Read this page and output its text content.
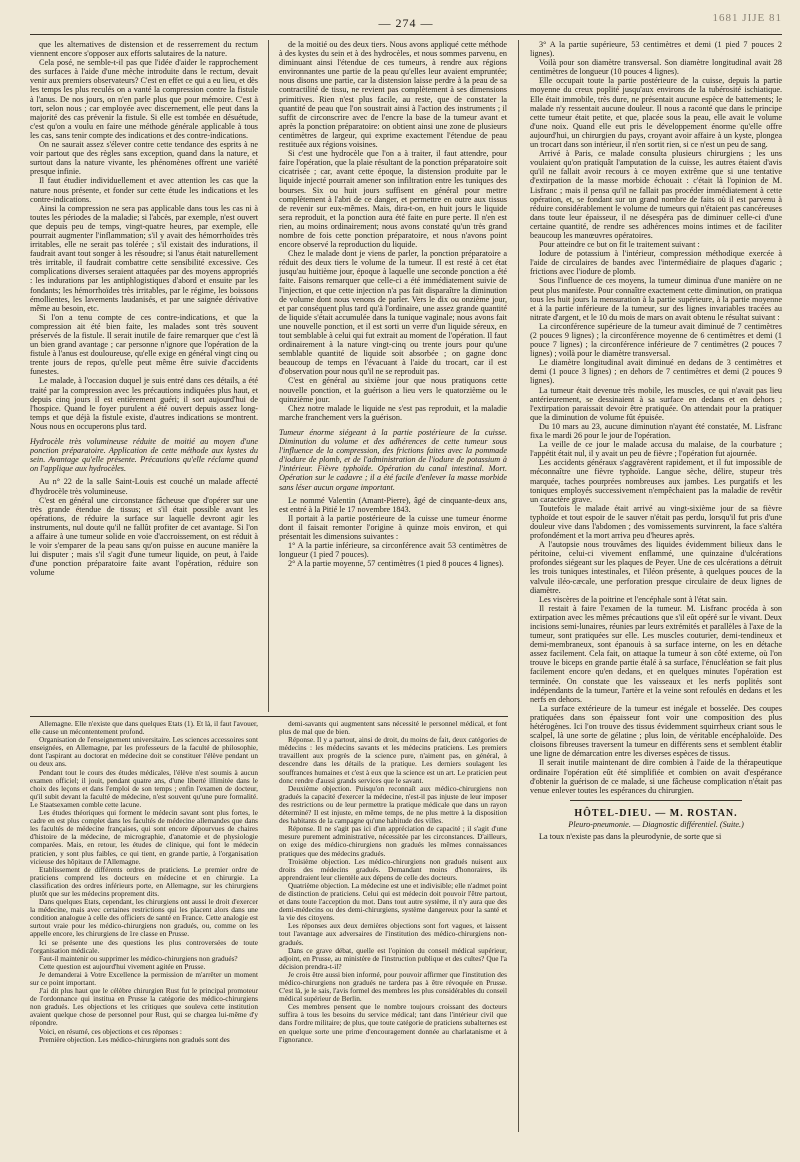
— 274 —	1681 JIJE 81

que les alternatives de distension et de resserrement du rectum viennent encore s'opposer aux efforts salutaires de la nature.

Cela posé, ne semble-t-il pas que l'idée d'aider le rapprochement des surfaces à l'aide d'une mèche introduite dans le rectum, devait venir aux premiers observateurs? C'est en effet ce qui a eu lieu, et dès les temps les plus reculés on a vanté la compression contre la fistule à l'anus. De nos jours, on n'en parle plus que pour mémoire. C'est à tort, selon nous ; car employée avec discernement, elle peut dans la majorité des cas prévenir la fistule. Si elle est tombée en désuétude, c'est qu'on a voulu en faire une méthode générale applicable à tous les cas, sans tenir compte des indications et des contre-indications.

On ne saurait assez s'élever contre cette tendance des esprits à ne voir partout que des règles sans exception, quand dans la nature, et surtout dans la nature vivante, les phénomènes offrent une variété presque infinie.

Il faut étudier individuellement et avec attention les cas que la nature nous présente, et fonder sur cette étude les indications et les contre-indications.

Ainsi la compression ne sera pas applicable dans tous les cas ni à toutes les périodes de la maladie; si l'abcès, par exemple, n'est ouvert que depuis peu de temps, vingt-quatre heures, par exemple, elle pourrait augmenter l'inflammation; s'il y avait des hémorrhoïdes très irritables, elle ne serait pas tolérée ; s'il existait des indurations, il faudrait avant tout songer à les résoudre; si l'anus était naturellement très irritable, il faudrait combattre cette sensibilité excessive. Ces complications diverses seraient attaquées par des moyens appropriés : les indurations par les antiphlogistiques d'abord et ensuite par les fondants; les hémorrhoïdes très irritables, par le régime, les boissons émollientes, les lavements laudanisés, et par une saignée dérivative même au besoin, etc.

Si l'on a tenu compte de ces contre-indications, et que la compression ait été bien faite, les malades sont très souvent préservés de la fistule. Il serait inutile de faire remarquer que c'est là un bien grand avantage ; car personne n'ignore que l'opération de la fistule à l'anus est douloureuse, qu'elle exige en général vingt cinq ou trente jours de repos, qu'elle peut même être suivie d'accidents funestes.

Le malade, à l'occasion duquel je suis entré dans ces détails, a été traité par la compression avec les précautions indiquées plus haut, et depuis cinq jours il est entièrement guéri; il sort aujourd'hui de l'hospice. Quand le foyer purulent a été ouvert depuis assez long-temps et que déjà la fistule existe, d'autres indications se montrent. Nous nous en occuperons plus tard.

Hydrocèle très volumineuse réduite de moitié au moyen d'une ponction préparatoire. Application de cette méthode aux kystes du sein. Avantage qu'elle présente. Précautions qu'elle réclame quand on l'applique aux hydrocèles.

Au n° 22 de la salle Saint-Louis est couché un malade affecté d'hydrocèle très volumineuse.

C'est en général une circonstance fâcheuse que d'opérer sur une très grande étendue de tissus; et s'il était possible avant les opérations, de réduire la surface sur laquelle devront agir les instruments, nul doute qu'il ne fallût profiter de cet avantage. Si l'on a affaire à une tumeur solide en voie d'accroissement, on est réduit à le voir s'emparer de la peau sans qu'on puisse en aucune manière la lui disputer ; mais s'il s'agit d'une tumeur liquide, on peut, à l'aide d'une ponction préparatoire faite avant l'opération, réduire son volume

de la moitié ou des deux tiers. Nous avons appliqué cette méthode à des kystes du sein et à des hydrocèles, et nous sommes parvenu, en diminuant ainsi l'étendue de ces tumeurs, à rendre aux régions environnantes une partie de la peau qu'elles leur avaient empruntée; nous disons une partie, car la distension laisse perdre à la peau de sa contractilité de tissu, ne revient pas complètement à ses dimensions primitives. Rien n'est plus facile, au reste, que de constater la quantité de peau que l'on soustrait ainsi à l'action des instruments ; il suffit de circonscrire avec de l'encre la base de la tumeur avant et après la ponction préparatoire: on obtient ainsi une zone de plusieurs centimètres de largeur, qui exprime exactement l'étendue de peau restituée aux régions voisines.

Si c'est une hydrocèle que l'on a à traiter, il faut attendre, pour faire l'opération, que la plaie résultant de la ponction préparatoire soit cicatrisée ; car, avant cette époque, la distension produite par le liquide injecté pourrait amener son infiltration entre les tuniques des bourses. Six ou huit jours suffisent en général pour mettre complètement à l'abri de ce danger, et permettre en outre aux tissus de revenir sur eux-mêmes. Mais, dira-t-on, en huit jours le liquide sera reproduit, et la ponction aura été faite en pure perte. Il n'en est rien, au moins ordinairement; nous avons constaté qu'un très grand nombre de fois cette ponction préparatoire, et nous n'avons point encore observé la reproduction du liquide.

Chez le malade dont je viens de parler, la ponction préparatoire a réduit des deux tiers le volume de la tumeur. Il est resté à cet état jusqu'au huitième jour, époque à laquelle une seconde ponction a été faite. Faisons remarquer que celle-ci a été immédiatement suivie de l'injection, et que cette injection n'a pas fait disparaître la diminution de volume dont nous venons de parler. Vers le dix ou onzième jour, et par conséquent plus tard qu'à l'ordinaire, une assez grande quantité de liquide s'était accumulée dans la tunique vaginale; nous avons fait une nouvelle ponction, et il est sorti un verre d'un liquide séreux, en tout semblable à celui qui fut extrait au moment de l'opération. Il faut ordinairement à la nature vingt-cinq ou trente jours pour qu'une semblable quantité de liquide soit absorbée ; on gagne donc beaucoup de temps en l'évacuant à l'aide du trocart, car il est d'observation pour nous qu'il ne se reproduit pas.

C'est en général au sixième jour que nous pratiquons cette nouvelle ponction, et la guérison a lieu vers le quatorzième ou le quinzième jour.

Chez notre malade le liquide ne s'est pas reproduit, et la maladie marche franchement vers la guérison.

Tumeur énorme siégeant à la partie postérieure de la cuisse. Diminution du volume et des adhérences de cette tumeur sous l'influence de la compression, des frictions faites avec la pommade d'iodure de plomb, et de l'administration de l'iodure de potassium à l'intérieur. Fièvre typhoïde. Opération du canal intestinal. Mort. Opération sur le cadavre ; il a été facile d'enlever la masse morbide sans léser aucun organe important.

Le nommé Valentin (Amant-Pierre), âgé de cinquante-deux ans, est entré à la Pitié le 17 novembre 1843.

Il portait à la partie postérieure de la cuisse une tumeur énorme dont il faisait remonter l'origine à quinze mois environ, et qui présentait les dimensions suivantes :

1° A la partie inférieure, sa circonférence avait 53 centimètres de longueur (1 pied 7 pouces).

2° A la partie moyenne, 57 centimètres (1 pied 8 pouces 4 lignes).

3° A la partie supérieure, 53 centimètres et demi (1 pied 7 pouces 2 lignes).

Voilà pour son diamètre transversal. Son diamètre longitudinal avait 28 centimètres de longueur (10 pouces 4 lignes).

Elle occupait toute la partie postérieure de la cuisse, depuis la partie moyenne du creux poplité jusqu'aux environs de la tubérosité ischiatique. Elle était immobile, très dure, ne présentait aucune espèce de battements; le malade n'y ressentait aucune douleur. Il nous a raconté que dans le principe cette tumeur était petite, et que, placée sous la peau, elle avait le volume d'une noix. Quand elle eut pris le développement énorme qu'elle offre aujourd'hui, un chirurgien du pays, croyant avoir affaire à un kyste, plongea un trocart dans son intérieur, il n'en sortit rien, si ce n'est un peu de sang.

Arrivé à Paris, ce malade consulta plusieurs chirurgiens ; les uns voulaient qu'on pratiquât l'amputation de la cuisse, les autres étaient d'avis qu'il ne fallait avoir recours à ce moyen extrême que si une tentative d'extirpation de la masse morbide échouait : c'était là l'opinion de M. Lisfranc ; mais il pensa qu'il ne fallait pas procéder immédiatement à cette opération, et, se fondant sur un grand nombre de faits où il est parvenu à réduire considérablement le volume de tumeurs qui n'étaient pas cancéreuses dans toute leur épaisseur, il ne désespéra pas de diminuer celle-ci d'une certaine quantité, de rendre ses adhérences moins intimes et de faciliter beaucoup les manœuvres opératoires.

Pour atteindre ce but on fit le traitement suivant :

Iodure de potassium à l'intérieur, compression méthodique exercée à l'aide de circulaires de bandes avec l'intermédiaire de plaques d'agaric ; frictions avec l'iodure de plomb.

Sous l'influence de ces moyens, la tumeur diminua d'une manière on ne peut plus manifeste. Pour connaître exactement cette diminution, on pratiqua tous les huit jours la mensuration à la partie supérieure, à la partie moyenne et à la partie inférieure de la tumeur, sur des lignes invariables tracées au nitrate d'argent, et le 10 du mois de mars on avait obtenu le résultat suivant :

La circonférence supérieure de la tumeur avait diminué de 7 centimètres (2 pouces 9 lignes) ; la circonférence moyenne de 6 centimètres et demi (1 pouce 7 lignes) ; la circonférence inférieure de 7 centimètres (2 pouces 7 lignes) ; voilà pour le diamètre transversal.

Le diamètre longitudinal avait diminué en dedans de 3 centimètres et demi (1 pouce 3 lignes) ; en dehors de 7 centimètres et demi (2 pouces 9 lignes).

La tumeur était devenue très mobile, les muscles, ce qui n'avait pas lieu antérieurement, se dessinaient à sa surface en dedans et en dehors ; l'extirpation paraissait devoir être pratiquée. On attendait pour la pratiquer que la diminution de volume fût épuisée.

Du 10 mars au 23, aucune diminution n'ayant été constatée, M. Lisfranc fixa le mardi 26 pour le jour de l'opération.

La veille de ce jour le malade accusa du malaise, de la courbature ; l'appétit était nul, il y avait un peu de fièvre ; l'opération fut ajournée.

Les accidents généraux s'aggravèrent rapidement, et il fut impossible de méconnaître une fièvre typhoïde. Langue sèche, délire, stupeur très marquée, taches pourprées nombreuses aux jambes. Les purgatifs et les toniques employés successivement n'empêchaient pas la maladie de revêtir un caractère grave.

Toutefois le malade était arrivé au vingt-sixième jour de sa fièvre typhoïde et tout espoir de le sauver n'était pas perdu, lorsqu'il fut pris d'une douleur vive dans l'abdomen ; des vomissements survinrent, la face s'altéra profondément et la mort arriva peu d'heures après.

A l'autopsie nous trouvâmes des liquides évidemment bilieux dans le péritoine, celui-ci vivement enflammé, une quinzaine d'ulcérations profondes siégeant sur les plaques de Peyer. Une de ces ulcérations a détruit les trois tuniques intestinales, et l'iléon présente, à quelques pouces de la valvule iléo-cæcale, une perforation presque circulaire de deux lignes de diamètre.

Les viscères de la poitrine et l'encéphale sont à l'état sain.

Il restait à faire l'examen de la tumeur. M. Lisfranc procéda à son extirpation avec les mêmes précautions que s'il eût opéré sur le vivant. Deux incisions semi-lunaires, réunies par leurs extrémités et parallèles à l'axe de la tumeur, sont pratiquées sur elle. Les muscles couturier, demi-tendineux et demi-membraneux, sont épanouis à sa surface interne, on les en détache assez facilement. Cela fait, on attaque la tumeur à son côté externe, où l'on trouve le biceps en grande partie étalé à sa surface, l'énucléation se fait plus facilement encore qu'en dedans, et en quelques minutes l'opération est terminée. On constate que les vaisseaux et les nerfs poplités sont indépendants de la tumeur, l'artère et la veine sont refoulés en dedans et les nerfs en dehors.

La surface extérieure de la tumeur est inégale et bosselée. Des coupes pratiquées dans son épaisseur font voir une composition des plus hétérogènes. Ici l'on trouve des tissus évidemment squirrheux criant sous le scalpel, là une sorte de gélatine ; plus loin, de véritable encéphaloïde. Des cloisons fibreuses traversent la tumeur en différents sens et semblent établir une ligne de démarcation entre les diverses espèces de tissus.

Il serait inutile maintenant de dire combien à l'aide de la thérapeutique ordinaire l'opération eût été simplifiée et combien on avait d'espérance d'obtenir la guérison de ce malade, si une fâcheuse complication n'était pas venue enlever toutes les espérances du chirurgien.

HÔTEL-DIEU. — M. ROSTAN.

Pleuro-pneumonie. — Diagnostic différentiel. (Suite.)

La toux n'existe pas dans la pleurodynie, de sorte que si

Allemagne. Elle n'existe que dans quelques Etats (1). Et là, il faut l'avouer, elle cause un mécontentement profond.

Organisation de l'enseignement universitaire. Les sciences accessoires sont enseignées, en Allemagne, par les professeurs de la faculté de philosophie, dont l'aspirant au doctorat en médecine doit se constituer l'élève pendant un ou deux ans.

Pendant tout le cours des études médicales, l'élève n'est soumis à aucun examen officiel; il jouit, pendant quatre ans, d'une liberté illimitée dans le choix des leçons et dans l'emploi de son temps ; enfin l'examen de docteur, qu'il subit devant la faculté de médecine, n'est souvent qu'une pure formalité. Le Staatsexamen comble cette lacune.

Les études théoriques qui forment le médecin savant sont plus fortes, le cadre en est plus complet dans les facultés de médecine allemandes que dans les facultés de médecine françaises, qui sont encore dépourvues de chaires d'histoire de la médecine, de micrographie, d'anatomie et de physiologie comparées. Mais, en retour, les études de clinique, qui font le médecin praticien, y sont plus faibles, ce qui tient, en grande partie, à l'organisation vicieuse des hôpitaux de l'Allemagne.

Etablissement de différents ordres de praticiens. Le premier ordre de praticiens comprend les docteurs en médecine et en chirurgie. La classification des ordres inférieurs porte, en Allemagne, sur les chirurgiens plutôt que sur les médecins proprement dits.

Dans quelques Etats, cependant, les chirurgiens ont aussi le droit d'exercer la médecine, mais avec certaines restrictions qui les placent alors dans une condition analogue à celle des officiers de santé en France. Cette analogie est surtout vraie pour les médico-chirurgiens non gradués, ou, comme on les appelle encore, les chirurgiens de 1re classe en Prusse.

Ici se présente une des questions les plus controversées de toute l'organisation médicale.

Faut-il maintenir ou supprimer les médico-chirurgiens non gradués?

Cette question est aujourd'hui vivement agitée en Prusse.

Je demanderai à Votre Excellence la permission de m'arrêter un moment sur ce point important.

J'ai dit plus haut que le célèbre chirurgien Rust fut le principal promoteur de l'ordonnance qui institua en Prusse la catégorie des médico-chirurgiens non gradués. Les objections et les critiques que souleva cette institution avaient quelque chose de personnel pour Rust, qui se chargea lui-même d'y répondre.

Voici, en résumé, ces objections et ces réponses :

Première objection. Les médico-chirurgiens non gradués sont des

demi-savants qui augmentent sans nécessité le personnel médical, et font plus de mal que de bien.

Réponse. Il y a partout, ainsi de droit, du moins de fait, deux catégories de médecins : les médecins savants et les médecins praticiens. Les premiers travaillent aux progrès de la science pure, n'aiment pas, en général, à descendre dans les détails de la pratique. Les derniers soulagent les souffrances humaines et c'est à eux que la science est un art. Le praticien peut donc rendre d'aussi grands services que le savant.

Deuxième objection. Puisqu'on reconnaît aux médico-chirurgiens non gradués la capacité d'exercer la médecine, n'est-il pas injuste de leur imposer des restrictions ou de leur permettre la pratique médicale que dans un rayon déterminé? Il est injuste, en même temps, de ne plus mettre à la disposition des habitants de la campagne qu'une habitude des villes.

Réponse. Il ne s'agit pas ici d'un appréciation de capacité ; il s'agit d'une mesure purement administrative, nécessitée par les circonstances. D'ailleurs, on exige des médico-chirurgiens non gradués les mêmes connaissances pratiques que des médecins gradués.

Troisième objection. Les médico-chirurgiens non gradués nuisent aux droits des médecins gradués. Demandant moins d'honoraires, ils apprendraient leur clientèle aux dépens de celle des docteurs.

Quatrième objection. La médecine est une et indivisible; elle n'admet point de distinction de praticiens. Celui qui est médecin doit pouvoir l'être partout, et dans toute l'acception du mot. Dans tout autre système, il n'y aura que des demi-médecins ou des demi-chirurgiens, système dangereux pour la santé et la vie des citoyens.

Les réponses aux deux dernières objections sont fort vagues, et laissent tout l'avantage aux adversaires de l'institution des médico-chirurgiens non-gradués.

Dans ce grave débat, quelle est l'opinion du conseil médical supérieur, adjoint, en Prusse, au ministère de l'instruction publique et des cultes? Que l'a décision prendra-t-il?

Je crois être aussi bien informé, pour pouvoir affirmer que l'institution des médico-chirurgiens non gradués ne tardera pas à être révoquée en Prusse. C'est là, je le sais, l'avis formel des membres les plus considérables du conseil médical supérieur de Berlin.

Ces membres pensent que le nombre toujours croissant des docteurs suffira à tous les besoins du service médical; tant dans l'intérieur civil que dans l'ordre militaire; de plus, que toute catégorie de praticiens subalternes est en quelque sorte une prime d'encouragement donnée au charlatanisme et à l'ignorance.
